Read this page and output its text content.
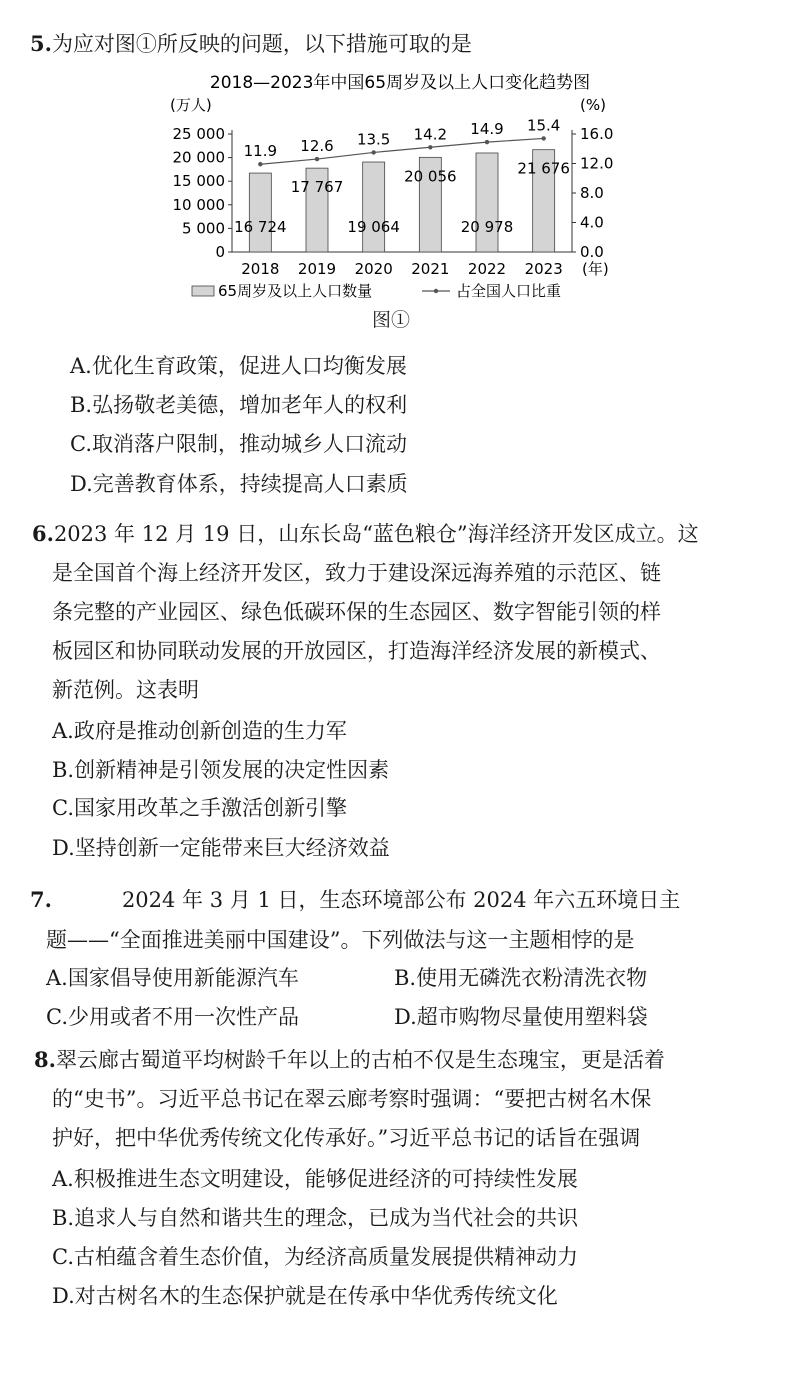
5.为应对图①所反映的问题，以下措施可取的是
2018—2023年中国65周岁及以上人口变化趋势图
(万人)	(%)
25 000
20 000
15 000
10 000
5 000
0
16.0
12.0
8.0
4.0
0.0
16 724
2018
17 767
2019
19 064
2020
20 056
2021
20 978
2022
21 676
2023 (年)
11.9 12.6 13.5 14.2 14.9 15.4
65周岁及以上人口数量	占全国人口比重
图①
A.优化生育政策，促进人口均衡发展
B.弘扬敬老美德，增加老年人的权利
C.取消落户限制，推动城乡人口流动
D.完善教育体系，持续提高人口素质
6.2023 年 12 月 19 日，山东长岛“蓝色粮仓”海洋经济开发区成立。这
是全国首个海上经济开发区，致力于建设深远海养殖的示范区、链
条完整的产业园区、绿色低碳环保的生态园区、数字智能引领的样
板园区和协同联动发展的开放园区，打造海洋经济发展的新模式、
新范例。这表明
A.政府是推动创新创造的生力军
B.创新精神是引领发展的决定性因素
C.国家用改革之手激活创新引擎
D.坚持创新一定能带来巨大经济效益
7.	2024 年 3 月 1 日，生态环境部公布 2024 年六五环境日主
题——“全面推进美丽中国建设”。下列做法与这一主题相悖的是
A.国家倡导使用新能源汽车	B.使用无磷洗衣粉清洗衣物
C.少用或者不用一次性产品	D.超市购物尽量使用塑料袋
8.翠云廊古蜀道平均树龄千年以上的古柏不仅是生态瑰宝，更是活着
的“史书”。习近平总书记在翠云廊考察时强调：“要把古树名木保
护好，把中华优秀传统文化传承好。”习近平总书记的话旨在强调
A.积极推进生态文明建设，能够促进经济的可持续性发展
B.追求人与自然和谐共生的理念，已成为当代社会的共识
C.古柏蕴含着生态价值，为经济高质量发展提供精神动力
D.对古树名木的生态保护就是在传承中华优秀传统文化
